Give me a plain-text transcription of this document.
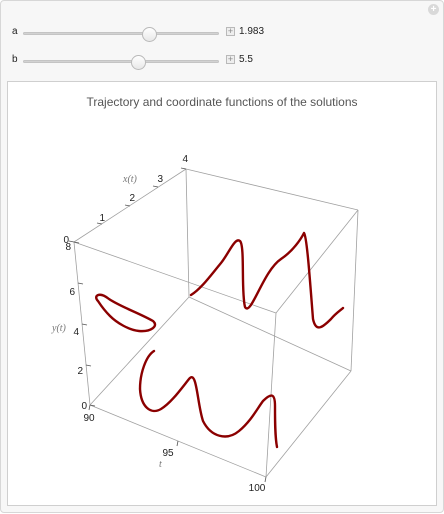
+
a	+ 1.983
b	+ 5.5
Trajectory and coordinate functions of the solutions
0
1
2
3
4
x(t)
8
6
4
2
0
y(t)
90
95
100
t
